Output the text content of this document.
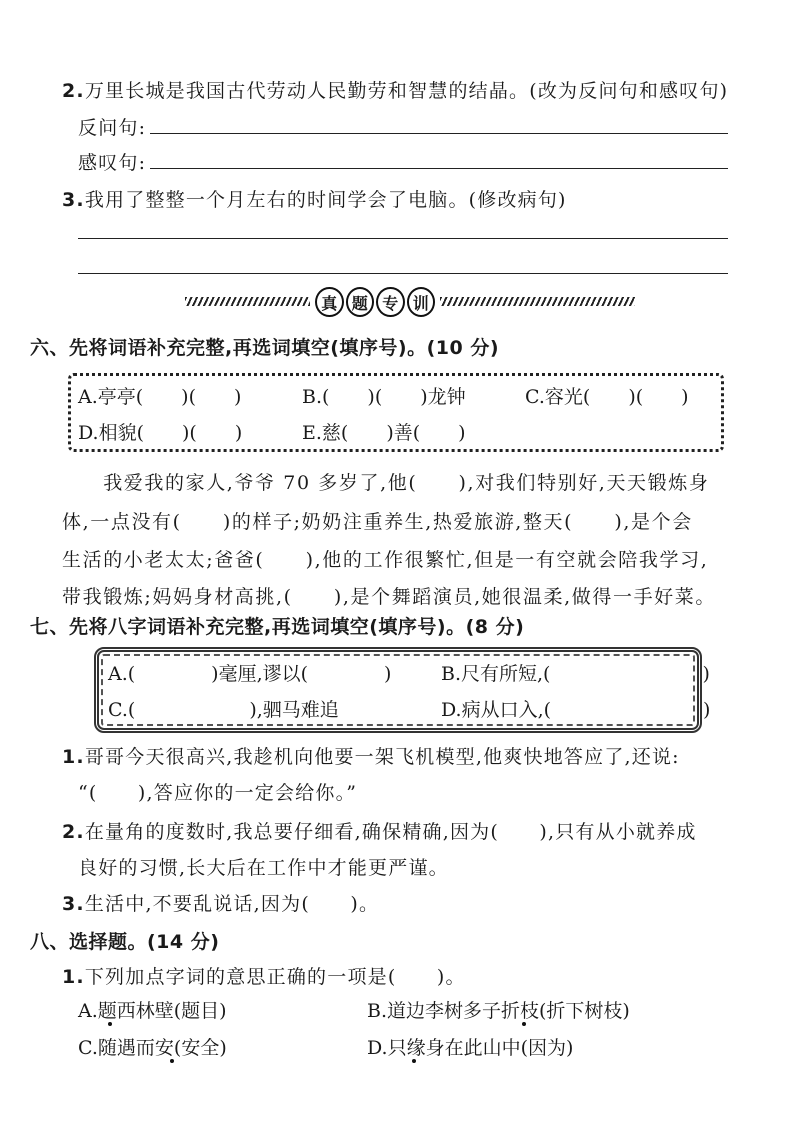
2.万里长城是我国古代劳动人民勤劳和智慧的结晶。(改为反问句和感叹句)
反问句:
感叹句:
3.我用了整整一个月左右的时间学会了电脑。(修改病句)
真 题 专 训
六、先将词语补充完整,再选词填空(填序号)。(10 分)
A.亭亭(　　)(　　)	B.(　　)(　　)龙钟	C.容光(　　)(　　)
D.相貌(　　)(　　)	E.慈(　　)善(　　)
　　我爱我的家人,爷爷 70 多岁了,他(　　),对我们特别好,天天锻炼身
体,一点没有(　　)的样子;奶奶注重养生,热爱旅游,整天(　　),是个会
生活的小老太太;爸爸(　　),他的工作很繁忙,但是一有空就会陪我学习,
带我锻炼;妈妈身材高挑,(　　),是个舞蹈演员,她很温柔,做得一手好菜。
七、先将八字词语补充完整,再选词填空(填序号)。(8 分)
A.(　　　　)毫厘,谬以(　　　　)	B.尺有所短,(　　　　　　　　)
C.(　　　　　　),驷马难追	D.病从口入,(　　　　　　　　)
1.哥哥今天很高兴,我趁机向他要一架飞机模型,他爽快地答应了,还说:
“(　　),答应你的一定会给你。”
2.在量角的度数时,我总要仔细看,确保精确,因为(　　),只有从小就养成
良好的习惯,长大后在工作中才能更严谨。
3.生活中,不要乱说话,因为(　　)。
八、选择题。(14 分)
1.下列加点字词的意思正确的一项是(　　)。
A.题西林壁(题目)	B.道边李树多子折枝(折下树枝)
C.随遇而安(安全)	D.只缘身在此山中(因为)
